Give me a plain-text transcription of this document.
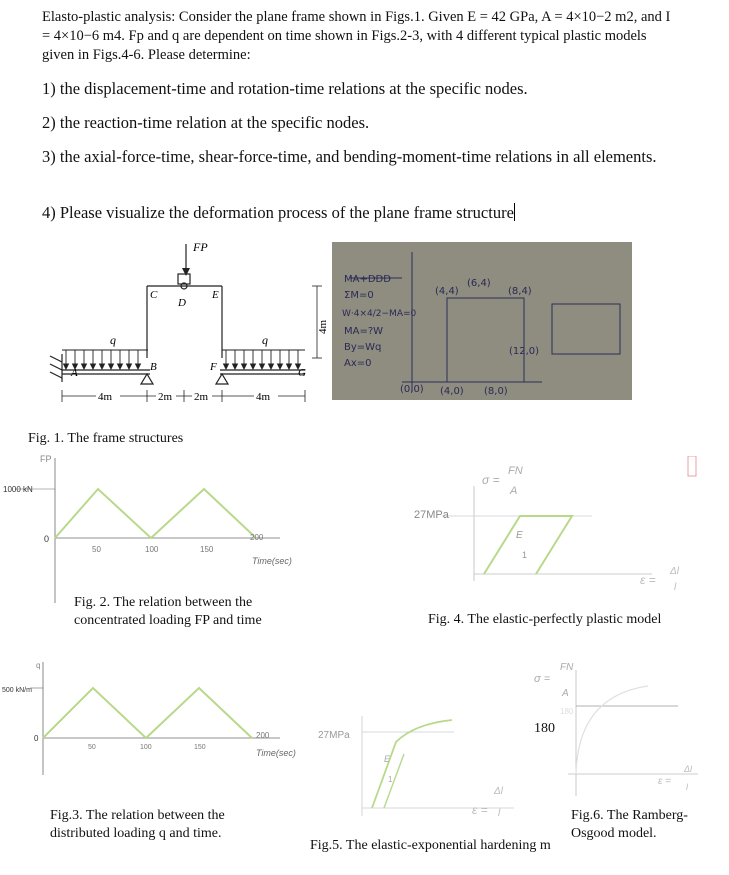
Elasto-plastic analysis: Consider the plane frame shown in Figs.1. Given E = 42 GPa, A = 4×10−2 m2, and I = 4×10−6 m4. Fp and q are dependent on time shown in Figs.2-3, with 4 different typical plastic models given in Figs.4-6. Please determine:
1) the displacement-time and rotation-time relations at the specific nodes.
2) the reaction-time relation at the specific nodes.
3) the axial-force-time, shear-force-time, and bending-moment-time relations in all elements.
4) Please visualize the deformation process of the plane frame structure
FP
A	B
C
D
E
F	G
q	q
4m
4m	2m 2m	4m
MA+DDD
ΣM=0
W·4×4/2−MA=0
MA=?W
By=Wq
Ax=0
(4,4)
(6,4)
(8,4)
(12,0)
(0,0) (4,0) (8,0)
Fig. 1. The frame structures
FP
1000 kN
0
50	100	150
200
Time(sec)
Fig. 2. The relation between the
concentrated loading FP and time
σ =
FN
A
27MPa
E
1
ε =
Δl
l
Fig. 4. The elastic-perfectly plastic model
q
500 kN/m
0
50	100	150
200
Time(sec)
Fig.3. The relation between the
distributed loading q and time.
27MPa
E
1
ε =
Δl
l
Fig.5. The elastic-exponential hardening m
σ =
FN
A
180
180
ε =
Δl
l
Fig.6. The Ramberg-
Osgood model.
